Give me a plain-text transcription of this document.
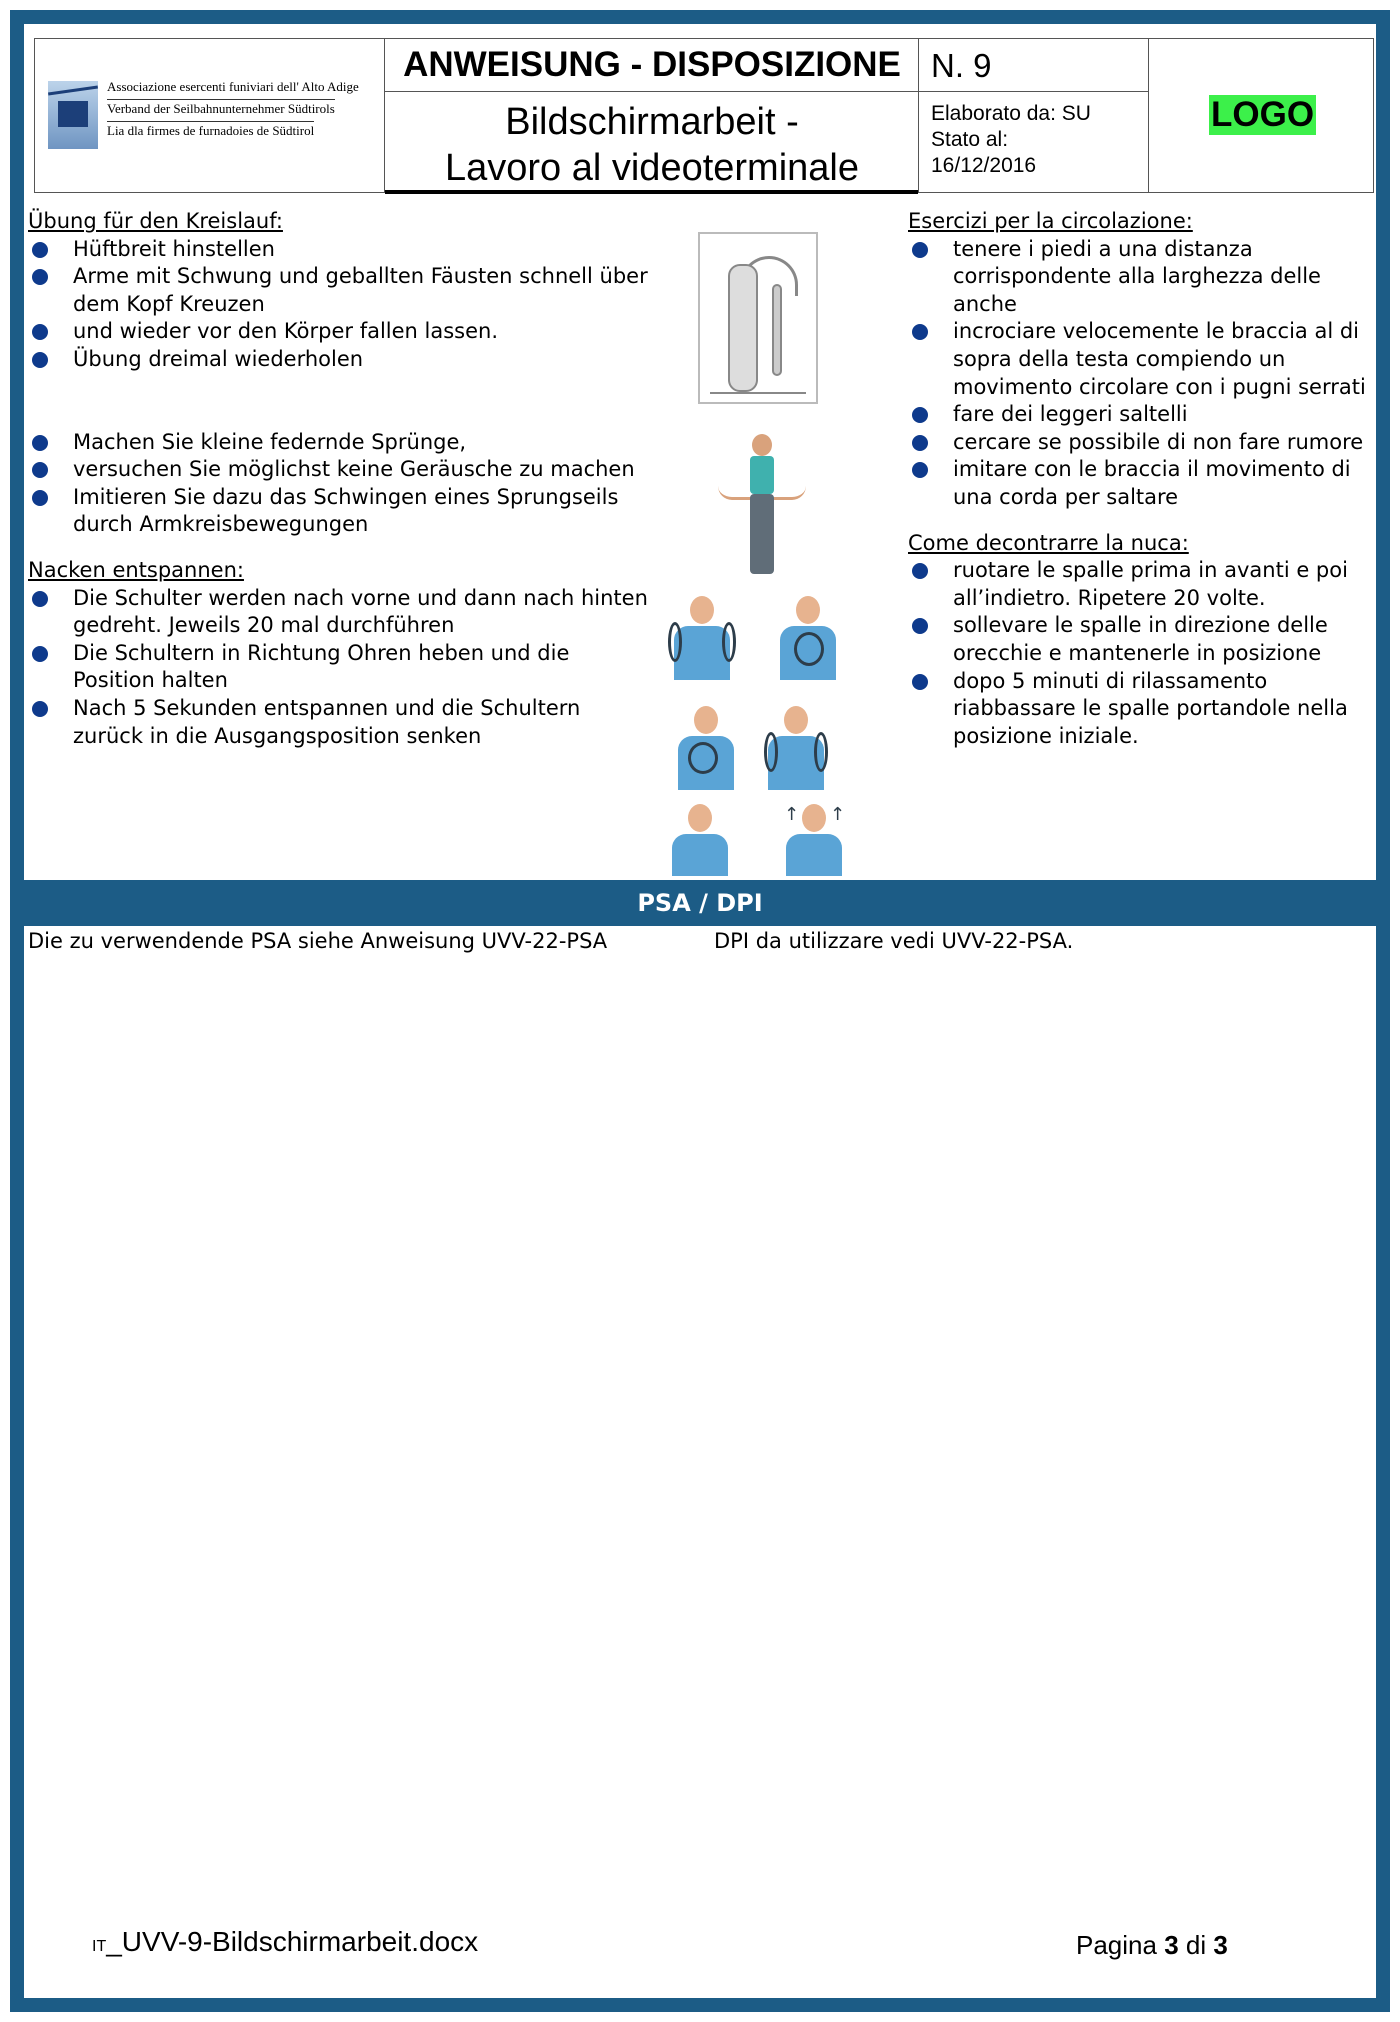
Associazione esercenti funiviari dell' Alto Adige
Verband der Seilbahnunternehmer Südtirols
Lia dla firmes de furnadoies de Südtirol
ANWEISUNG - DISPOSIZIONE
Bildschirmarbeit -
Lavoro al videoterminale
N. 9
Elaborato da: SU
Stato al:
16/12/2016
LOGO
Übung für den Kreislauf:
Hüftbreit hinstellen
Arme mit Schwung und geballten Fäusten schnell über dem Kopf Kreuzen
und wieder vor den Körper fallen lassen.
Übung dreimal wiederholen
Machen Sie kleine federnde Sprünge,
versuchen Sie möglichst keine Geräusche zu machen
Imitieren Sie dazu das Schwingen eines Sprungseils durch Armkreisbewegungen
Nacken entspannen:
Die Schulter werden nach vorne und dann nach hinten gedreht. Jeweils 20 mal durchführen
Die Schultern in Richtung Ohren heben und die Position halten
Nach 5 Sekunden entspannen und die Schultern zurück in die Ausgangsposition senken
Esercizi per la circolazione:
tenere i piedi a una distanza corrispondente alla larghezza delle anche
incrociare velocemente le braccia al di sopra della testa compiendo un movimento circolare con i pugni serrati
fare dei leggeri saltelli
cercare se possibile di non fare rumore
imitare con le braccia il movimento di una corda per saltare
Come decontrarre la nuca:
ruotare le spalle prima in avanti e poi all’indietro. Ripetere 20 volte.
sollevare le spalle in direzione delle orecchie e mantenerle in posizione
dopo 5 minuti di rilassamento riabbassare le spalle portandole nella posizione iniziale.
↑ ↑
PSA / DPI
Die zu verwendende PSA siehe Anweisung UVV-22-PSA	DPI da utilizzare vedi UVV-22-PSA.
IT_UVV-9-Bildschirmarbeit.docx	Pagina 3 di 3
